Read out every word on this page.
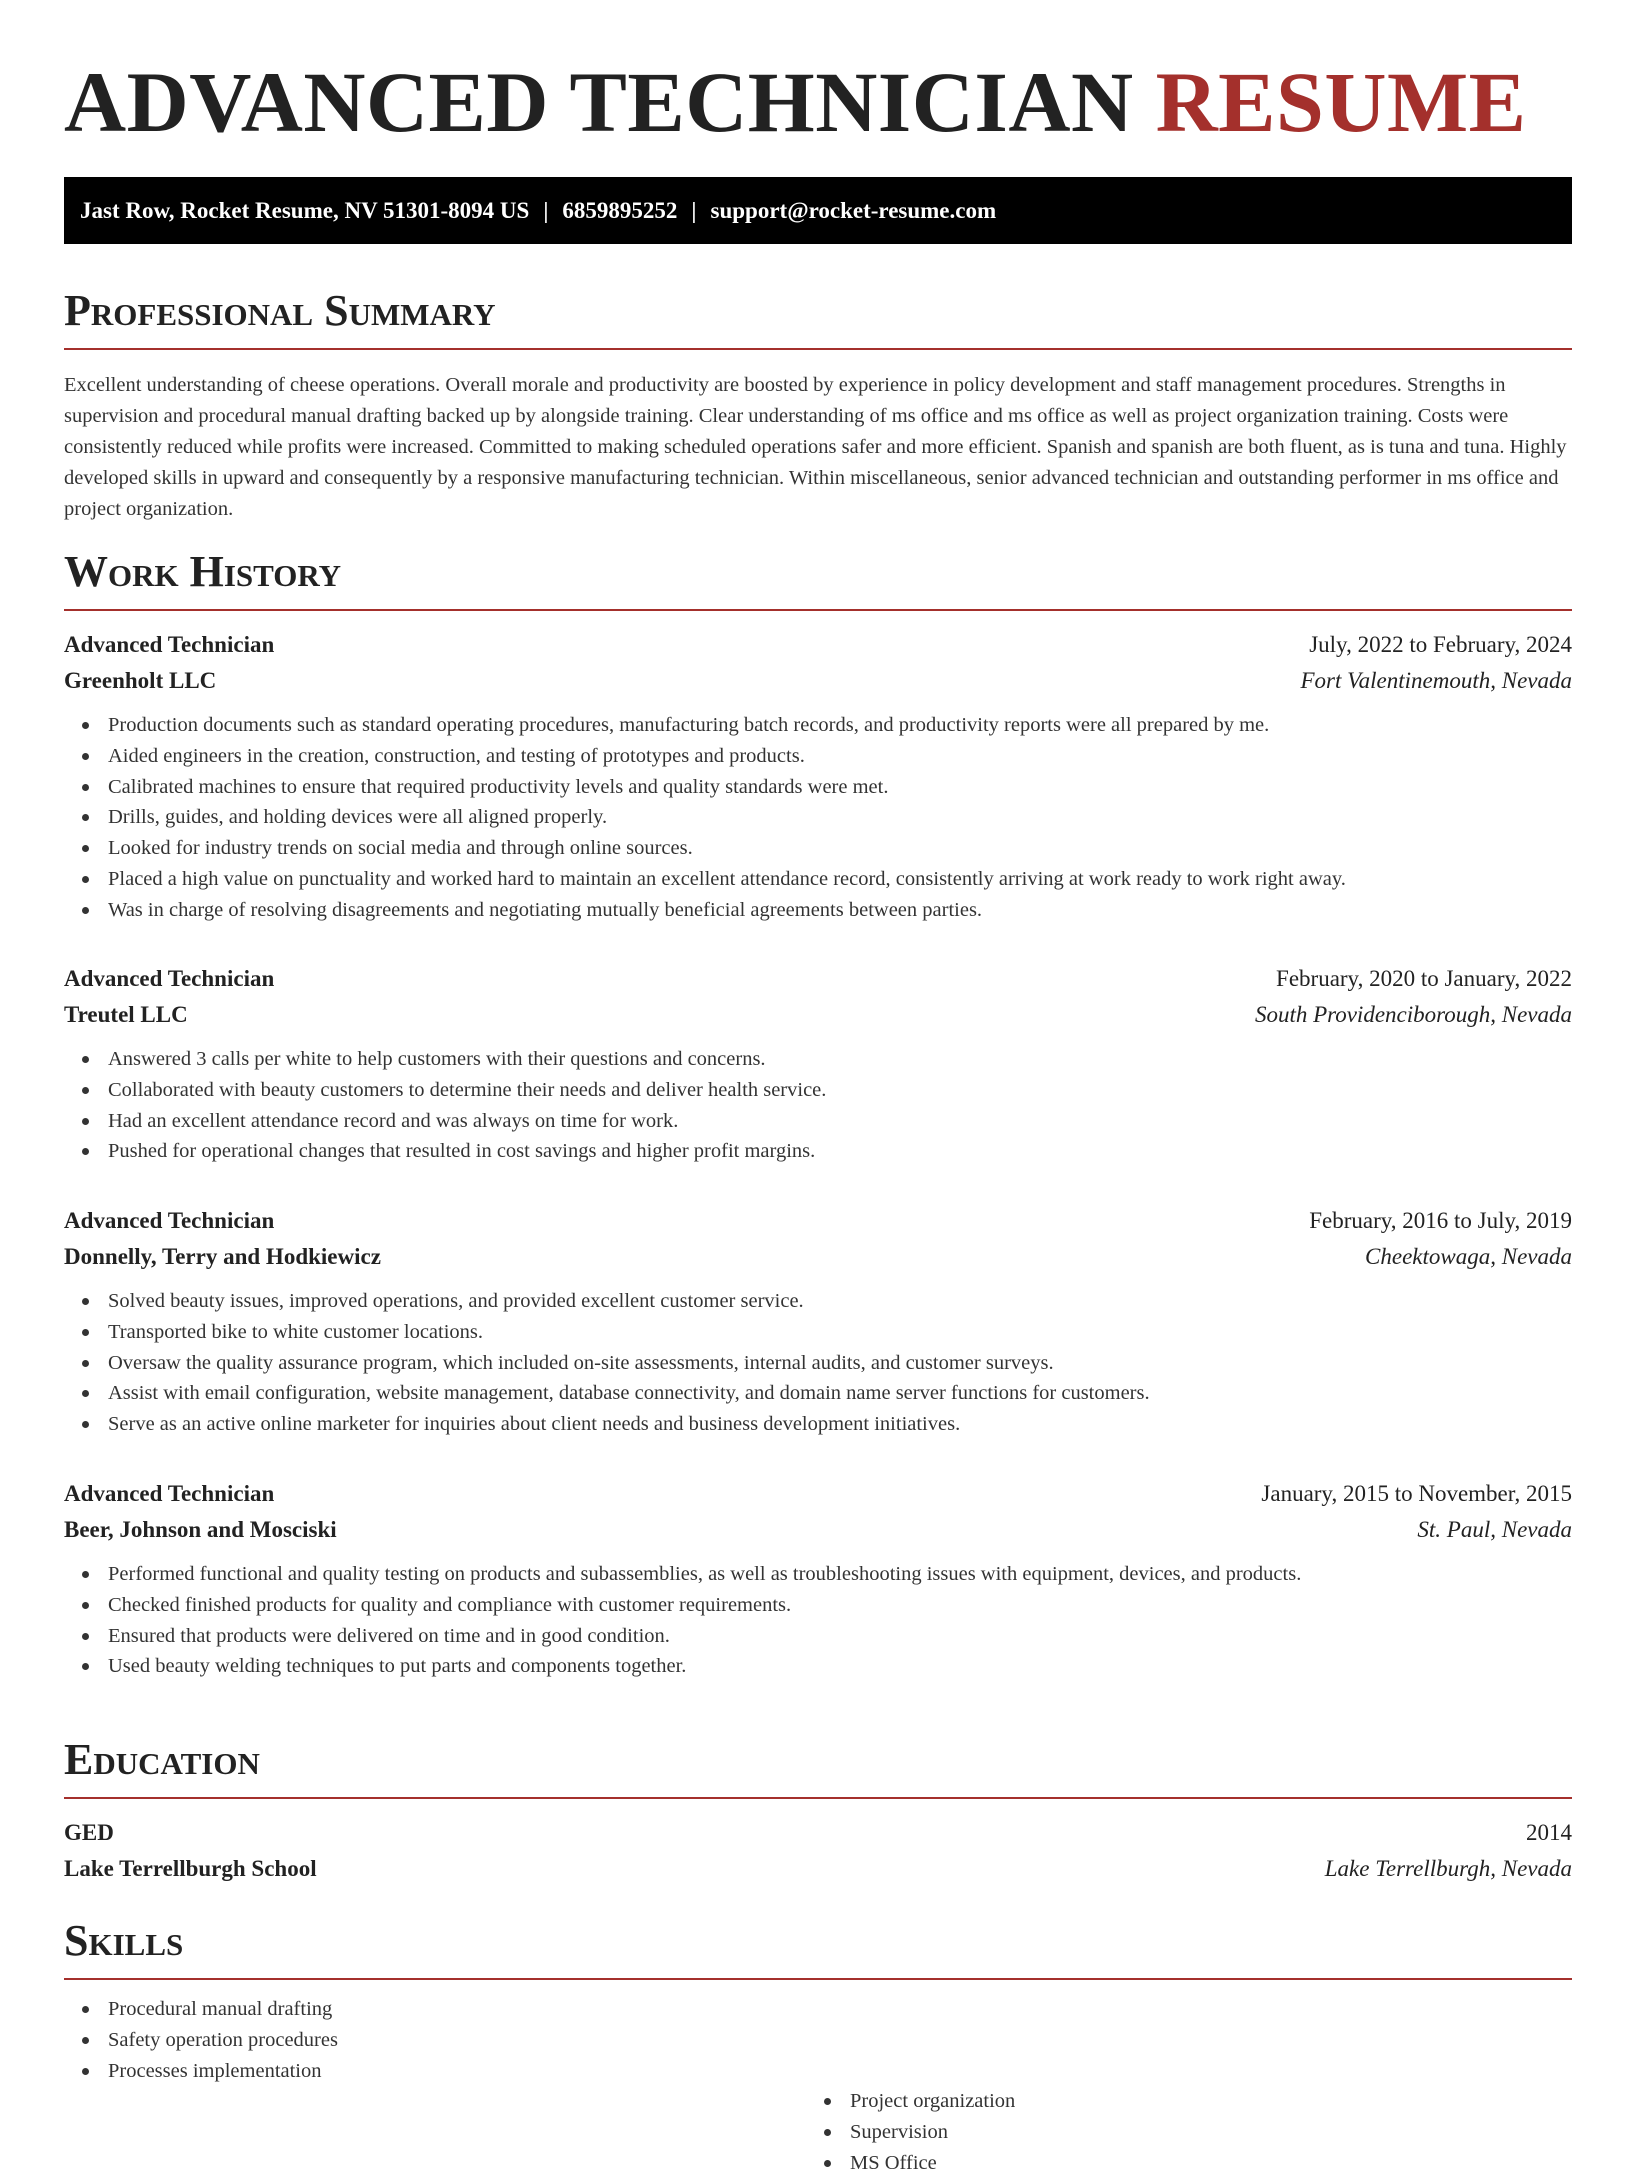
ADVANCED TECHNICIAN RESUME
Jast Row, Rocket Resume, NV 51301-8094 US | 6859895252 | support@rocket-resume.com
Professional Summary

Excellent understanding of cheese operations. Overall morale and productivity are boosted by experience in policy development and staff management procedures. Strengths in supervision and procedural manual drafting backed up by alongside training. Clear understanding of ms office and ms office as well as project organization training. Costs were consistently reduced while profits were increased. Committed to making scheduled operations safer and more efficient. Spanish and spanish are both fluent, as is tuna and tuna. Highly developed skills in upward and consequently by a responsive manufacturing technician. Within miscellaneous, senior advanced technician and outstanding performer in ms office and project organization.

Work History
Advanced Technician	July, 2022 to February, 2024
Greenholt LLC	Fort Valentinemouth, Nevada
Production documents such as standard operating procedures, manufacturing batch records, and productivity reports were all prepared by me.
Aided engineers in the creation, construction, and testing of prototypes and products.
Calibrated machines to ensure that required productivity levels and quality standards were met.
Drills, guides, and holding devices were all aligned properly.
Looked for industry trends on social media and through online sources.
Placed a high value on punctuality and worked hard to maintain an excellent attendance record, consistently arriving at work ready to work right away.
Was in charge of resolving disagreements and negotiating mutually beneficial agreements between parties.
Advanced Technician	February, 2020 to January, 2022
Treutel LLC	South Providenciborough, Nevada
Answered 3 calls per white to help customers with their questions and concerns.
Collaborated with beauty customers to determine their needs and deliver health service.
Had an excellent attendance record and was always on time for work.
Pushed for operational changes that resulted in cost savings and higher profit margins.
Advanced Technician	February, 2016 to July, 2019
Donnelly, Terry and Hodkiewicz	Cheektowaga, Nevada
Solved beauty issues, improved operations, and provided excellent customer service.
Transported bike to white customer locations.
Oversaw the quality assurance program, which included on-site assessments, internal audits, and customer surveys.
Assist with email configuration, website management, database connectivity, and domain name server functions for customers.
Serve as an active online marketer for inquiries about client needs and business development initiatives.
Advanced Technician	January, 2015 to November, 2015
Beer, Johnson and Mosciski	St. Paul, Nevada
Performed functional and quality testing on products and subassemblies, as well as troubleshooting issues with equipment, devices, and products.
Checked finished products for quality and compliance with customer requirements.
Ensured that products were delivered on time and in good condition.
Used beauty welding techniques to put parts and components together.
Education
GED	2014
Lake Terrellburgh School	Lake Terrellburgh, Nevada
Skills
Procedural manual drafting
Safety operation procedures
Processes implementation
Project organization
Supervision
MS Office
